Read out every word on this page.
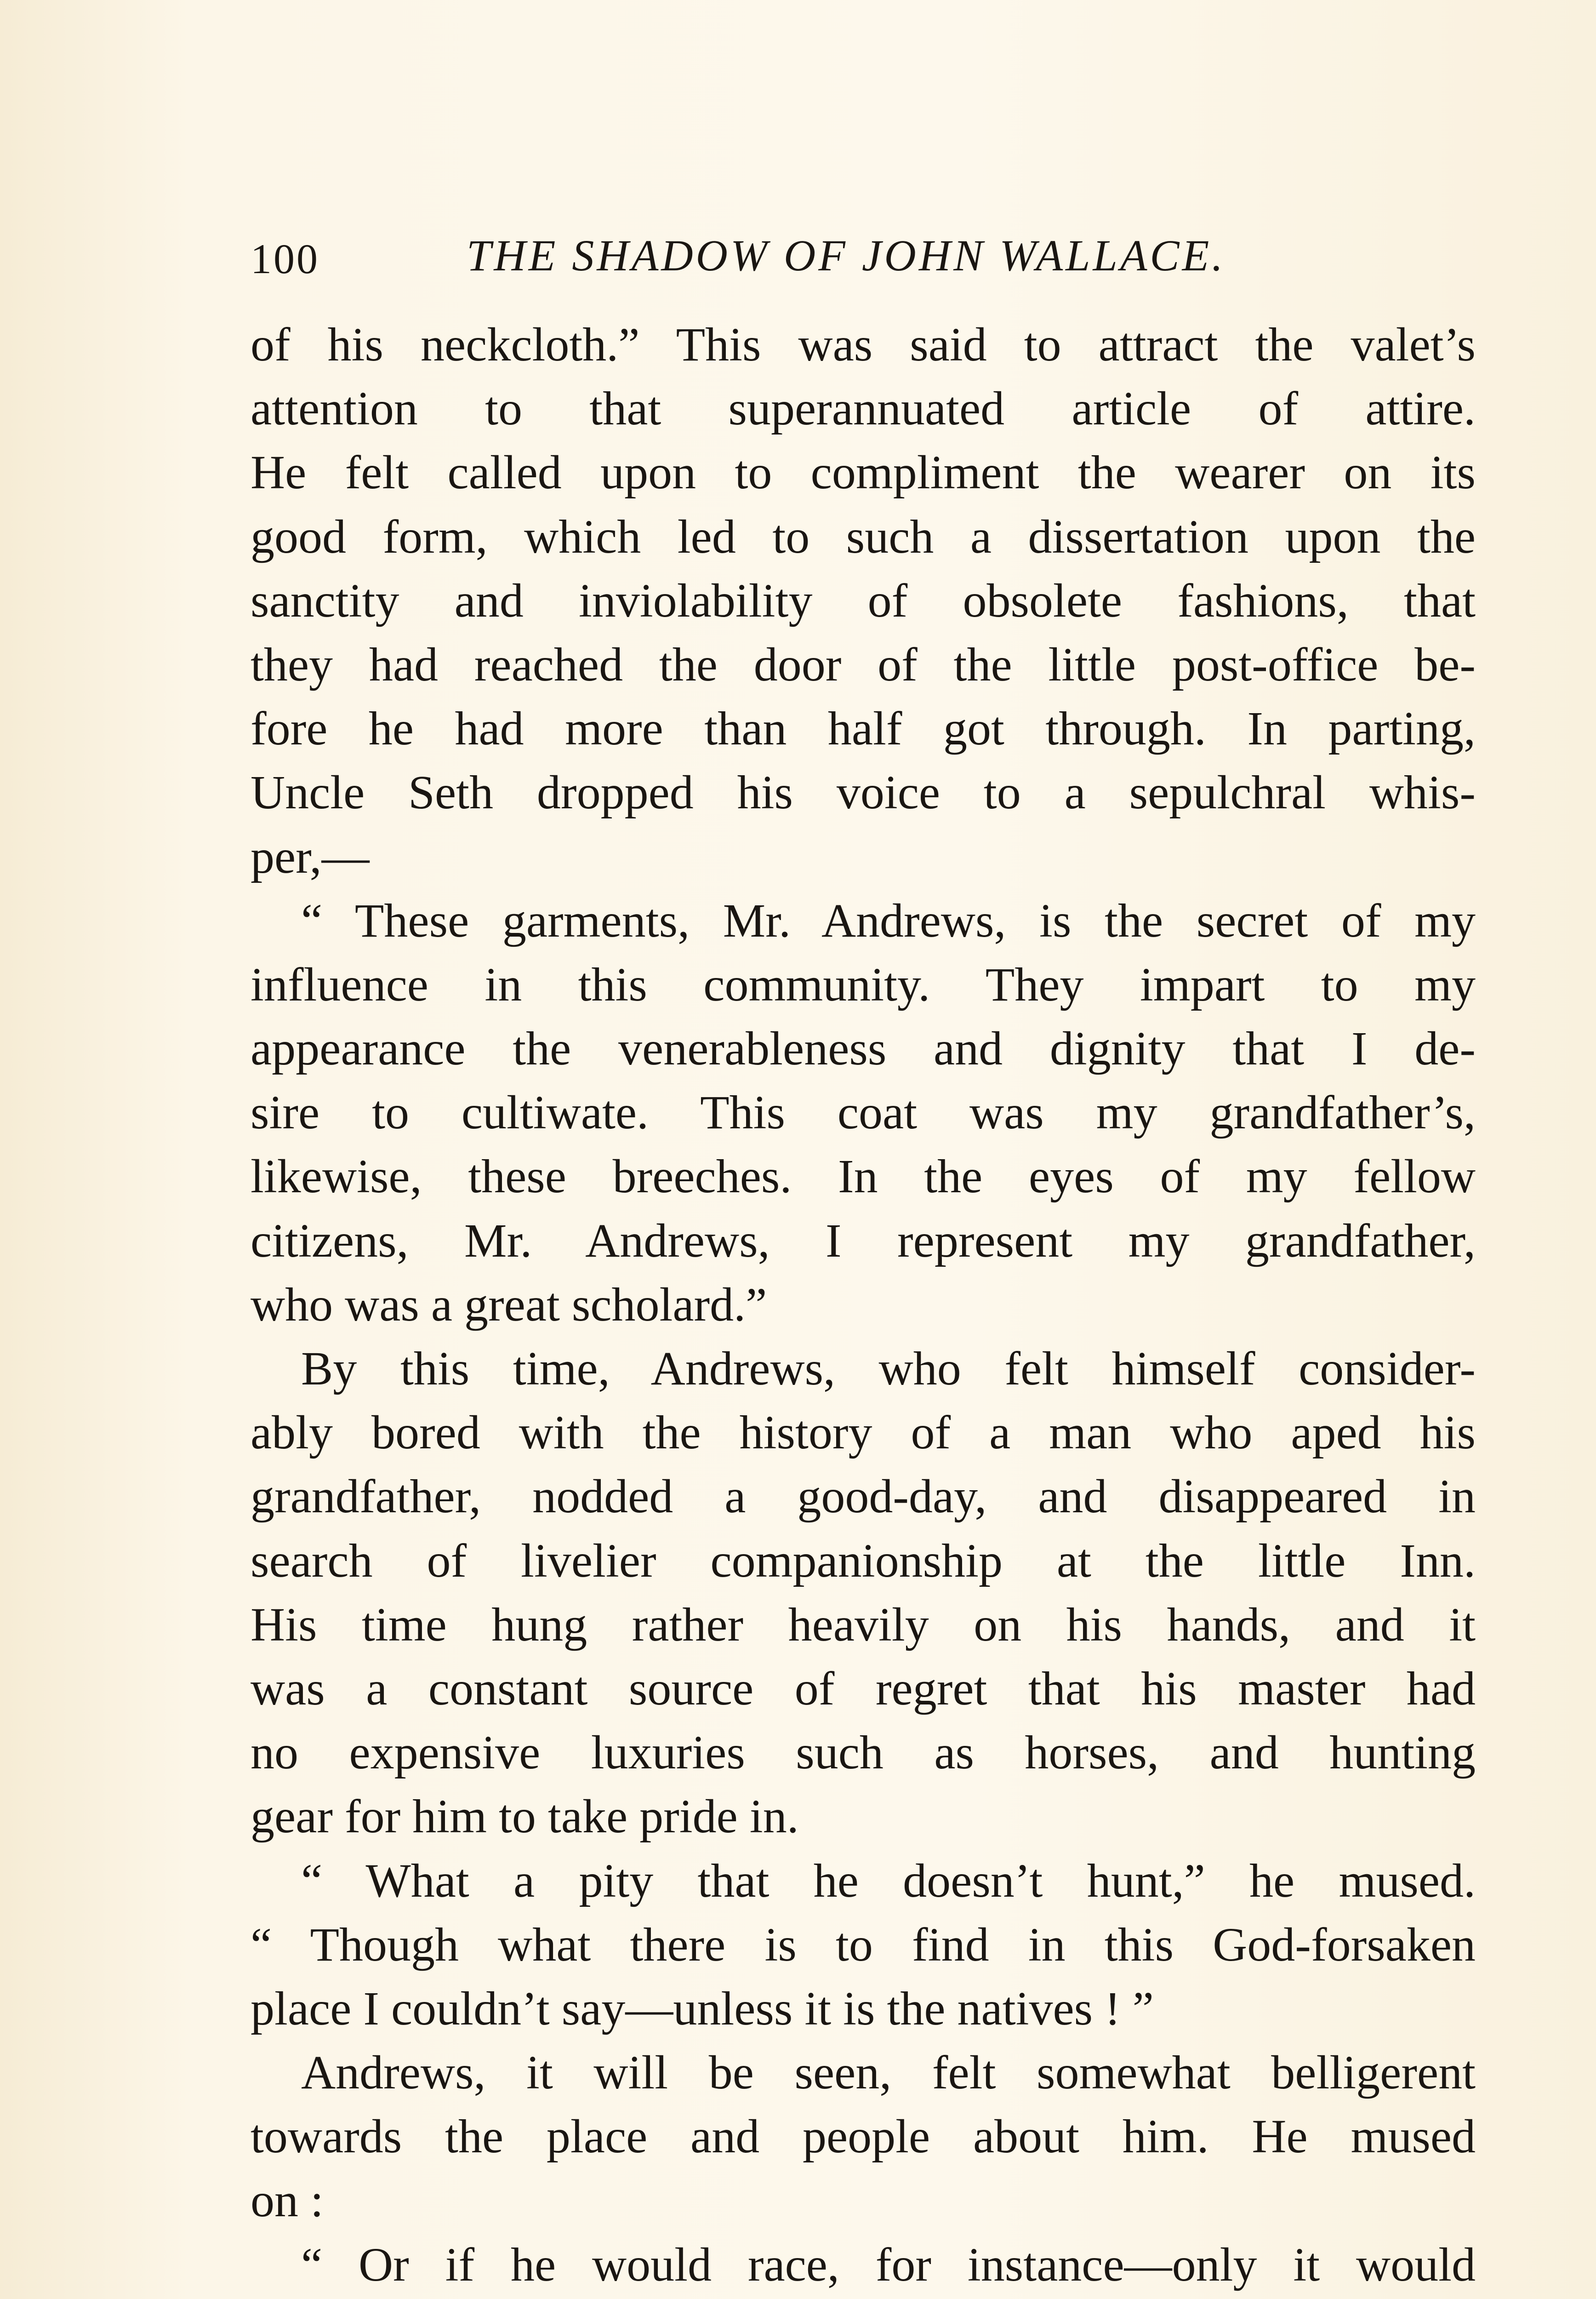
100	THE SHADOW OF JOHN WALLACE.
of his neckcloth.” This was said to attract the valet’s
attention to that superannuated article of attire.
He felt called upon to compliment the wearer on its
good form, which led to such a dissertation upon the
sanctity and inviolability of obsolete fashions, that
they had reached the door of the little post-office be-
fore he had more than half got through. In parting,
Uncle Seth dropped his voice to a sepulchral whis-
per,—
“ These garments, Mr. Andrews, is the secret of my
influence in this community. They impart to my
appearance the venerableness and dignity that I de-
sire to cultiwate. This coat was my grandfather’s,
likewise, these breeches. In the eyes of my fellow
citizens, Mr. Andrews, I represent my grandfather,
who was a great scholard.”
By this time, Andrews, who felt himself consider-
ably bored with the history of a man who aped his
grandfather, nodded a good-day, and disappeared in
search of livelier companionship at the little Inn.
His time hung rather heavily on his hands, and it
was a constant source of regret that his master had
no expensive luxuries such as horses, and hunting
gear for him to take pride in.
“ What a pity that he doesn’t hunt,” he mused.
“ Though what there is to find in this God-forsaken
place I couldn’t say—unless it is the natives ! ”
Andrews, it will be seen, felt somewhat belligerent
towards the place and people about him. He mused
on :
“ Or if he would race, for instance—only it would
